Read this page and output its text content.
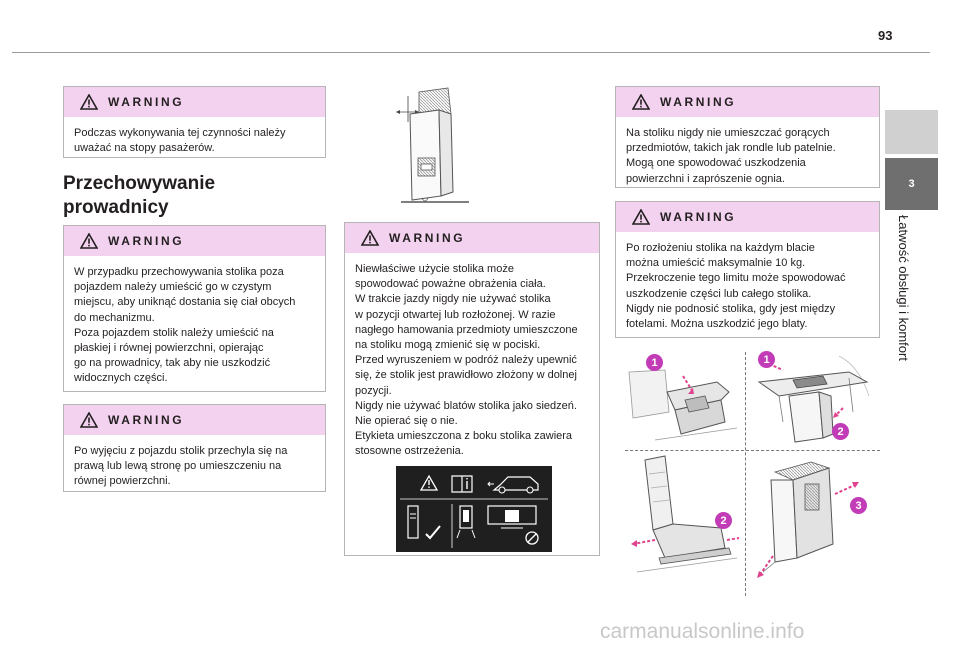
93
3
Łatwość obsługi i komfort
WARNING

Podczas wykonywania tej czynności należy

uważać na stopy pasażerów.

Przechowywanie
prowadnicy
WARNING

W przypadku przechowywania stolika poza

pojazdem należy umieścić go w czystym

miejscu, aby uniknąć dostania się ciał obcych

do mechanizmu.

Poza pojazdem stolik należy umieścić na

płaskiej i równej powierzchni, opierając

go na prowadnicy, tak aby nie uszkodzić

widocznych części.

WARNING

Po wyjęciu z pojazdu stolik przechyla się na

prawą lub lewą stronę po umieszczeniu na

równej powierzchni.

WARNING

Niewłaściwe użycie stolika może

spowodować poważne obrażenia ciała.

W trakcie jazdy nigdy nie używać stolika

w pozycji otwartej lub rozłożonej. W razie

nagłego hamowania przedmioty umieszczone

na stoliku mogą zmienić się w pociski.

Przed wyruszeniem w podróż należy upewnić

się, że stolik jest prawidłowo złożony w dolnej

pozycji.

Nigdy nie używać blatów stolika jako siedzeń.

Nie opierać się o nie.

Etykieta umieszczona z boku stolika zawiera

stosowne ostrzeżenia.

WARNING

Na stoliku nigdy nie umieszczać gorących

przedmiotów, takich jak rondle lub patelnie.

Mogą one spowodować uszkodzenia

powierzchni i zaprószenie ognia.

WARNING

Po rozłożeniu stolika na każdym blacie

można umieścić maksymalnie 10 kg.

Przekroczenie tego limitu może spowodować

uszkodzenie części lub całego stolika.

Nigdy nie podnosić stolika, gdy jest między

fotelami. Można uszkodzić jego blaty.

1	1
2
2
3
carmanualsonline.info
